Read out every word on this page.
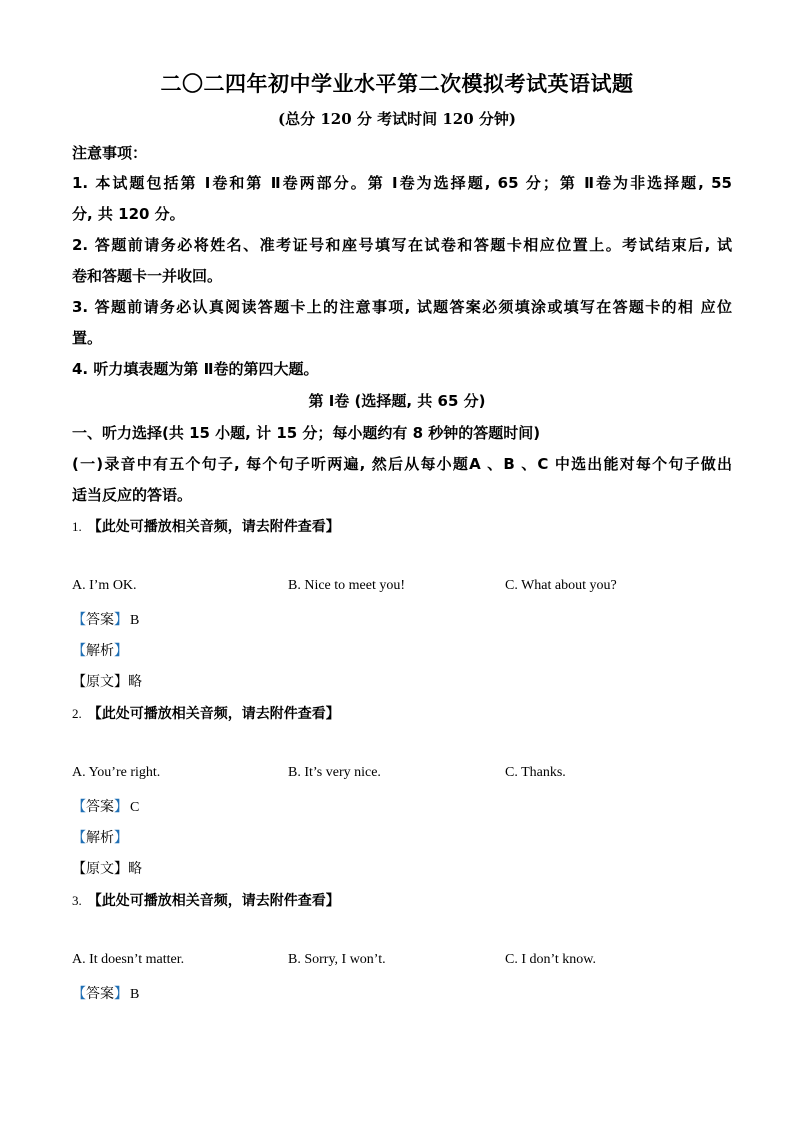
二〇二四年初中学业水平第二次模拟考试英语试题
(总分 120 分 考试时间 120 分钟)
注意事项：
1. 本试题包括第 Ⅰ卷和第 Ⅱ卷两部分。第 Ⅰ卷为选择题, 65 分；第 Ⅱ卷为非选择题, 55
分, 共 120 分。
2. 答题前请务必将姓名、准考证号和座号填写在试卷和答题卡相应位置上。考试结束后, 试
卷和答题卡一并收回。
3. 答题前请务必认真阅读答题卡上的注意事项, 试题答案必须填涂或填写在答题卡的相 应位
置。
4. 听力填表题为第 Ⅱ卷的第四大题。
第 Ⅰ卷 (选择题, 共 65 分)
一、听力选择(共 15 小题, 计 15 分；每小题约有 8 秒钟的答题时间)
(一)录音中有五个句子, 每个句子听两遍, 然后从每小题A 、B 、C 中选出能对每个句子做出
适当反应的答语。
1. 【此处可播放相关音频，请去附件查看】
A. I’m OK.	B. Nice to meet you!	C. What about you?
【答案】 B
【解析】
【原文】略
2. 【此处可播放相关音频，请去附件查看】
A. You’re right.	B. It’s very nice.	C. Thanks.
【答案】 C
【解析】
【原文】略
3. 【此处可播放相关音频，请去附件查看】
A. It doesn’t matter.	B. Sorry, I won’t.	C. I don’t know.
【答案】 B
